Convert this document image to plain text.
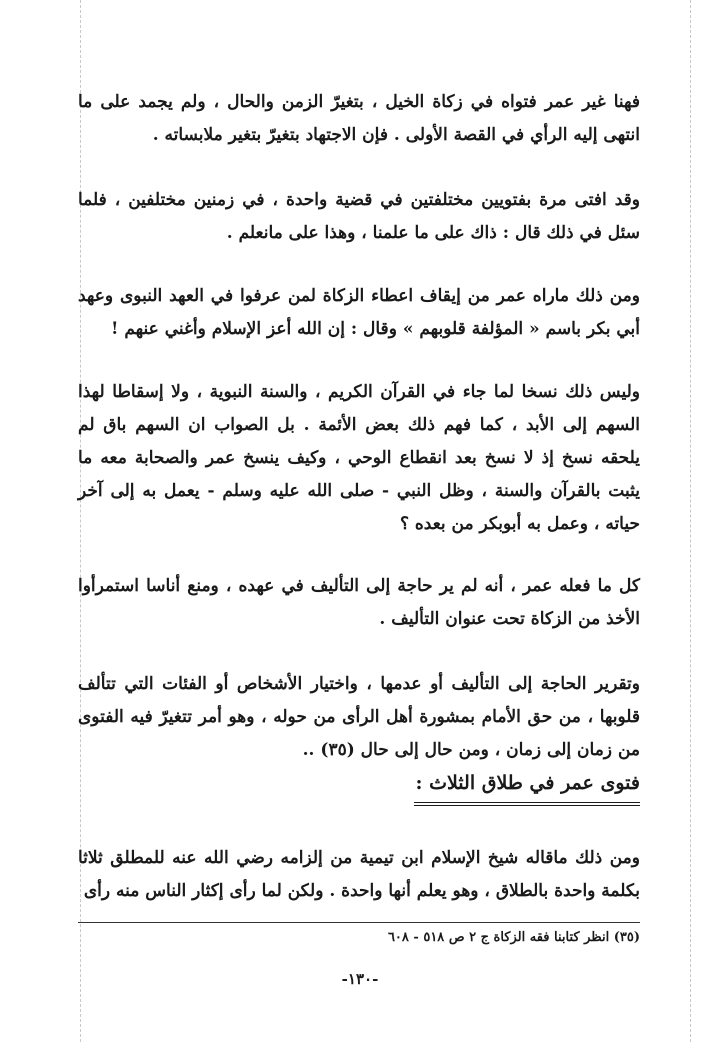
فهنا غير عمر فتواه في زكاة الخيل ، بتغيرّ الزمن والحال ، ولم يجمد على ما انتهى إليه الرأي في القصة الأولى . فإن الاجتهاد بتغيرّ بتغير ملابساته .

وقد افتى مرة بفتويين مختلفتين في قضية واحدة ، في زمنين مختلفين ، فلما سئل في ذلك قال : ذاك على ما علمنا ، وهذا على مانعلم .

ومن ذلك ماراه عمر من إيقاف اعطاء الزكاة لمن عرفوا في العهد النبوى وعهد أبي بكر باسم « المؤلفة قلوبهم » وقال : إن الله أعز الإسلام وأغني عنهم !

وليس ذلك نسخا لما جاء في القرآن الكريم ، والسنة النبوية ، ولا إسقاطا لهذا السهم إلى الأبد ، كما فهم ذلك بعض الأئمة . بل الصواب ان السهم باق لم يلحقه نسخ إذ لا نسخ بعد انقطاع الوحي ، وكيف ينسخ عمر والصحابة معه ما يثبت بالقرآن والسنة ، وظل النبي - صلى الله عليه وسلم - يعمل به إلى آخر حياته ، وعمل به أبوبكر من بعده ؟

كل ما فعله عمر ، أنه لم ير حاجة إلى التأليف في عهده ، ومنع أناسا استمرأوا الأخذ من الزكاة تحت عنوان التأليف .

وتقرير الحاجة إلى التأليف أو عدمها ، واختيار الأشخاص أو الفئات التي تتألف قلوبها ، من حق الأمام بمشورة أهل الرأى من حوله ، وهو أمر تتغيرّ فيه الفتوى من زمان إلى زمان ، ومن حال إلى حال (٣٥) ..

فتوى عمر في طلاق الثلاث :

ومن ذلك ماقاله شيخ الإسلام ابن تيمية من إلزامه رضي الله عنه للمطلق ثلاثا بكلمة واحدة بالطلاق ، وهو يعلم أنها واحدة . ولكن لما رأى إكثار الناس منه رأى

(٣٥) انظر كتابنا فقه الزكاة ج ٢ ص ٥١٨ - ٦٠٨

-١٣٠-
